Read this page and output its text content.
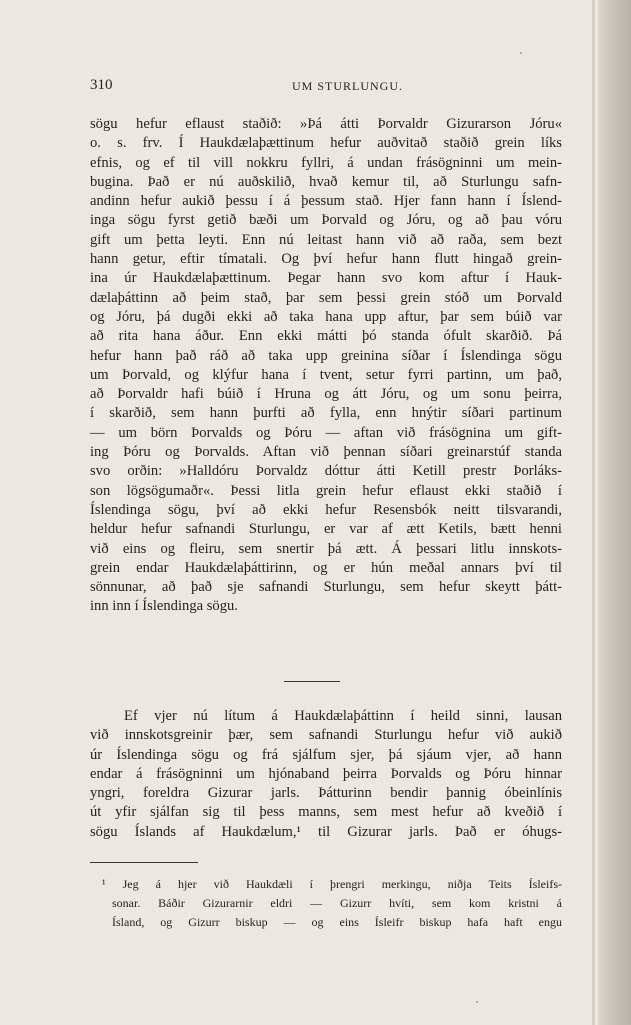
310	UM STURLUNGU.
sögu hefur eflaust staðið: »Þá átti Þorvaldr Gizurarson Jóru«
o. s. frv. Í Haukdælaþættinum hefur auðvitað staðið grein líks
efnis, og ef til vill nokkru fyllri, á undan frásögninni um mein-
bugina. Það er nú auðskilið, hvað kemur til, að Sturlungu safn-
andinn hefur aukið þessu í á þessum stað. Hjer fann hann í Íslend-
inga sögu fyrst getið bæði um Þorvald og Jóru, og að þau vóru
gift um þetta leyti. Enn nú leitast hann við að raða, sem bezt
hann getur, eftir tímatali. Og því hefur hann flutt hingað grein-
ina úr Haukdælaþættinum. Þegar hann svo kom aftur í Hauk-
dælaþáttinn að þeim stað, þar sem þessi grein stóð um Þorvald
og Jóru, þá dugði ekki að taka hana upp aftur, þar sem búið var
að rita hana áður. Enn ekki mátti þó standa ófult skarðið. Þá
hefur hann það ráð að taka upp greinina síðar í Íslendinga sögu
um Þorvald, og klýfur hana í tvent, setur fyrri partinn, um það,
að Þorvaldr hafi búið í Hruna og átt Jóru, og um sonu þeirra,
í skarðið, sem hann þurfti að fylla, enn hnýtir síðari partinum
— um börn Þorvalds og Þóru — aftan við frásögnina um gift-
ing Þóru og Þorvalds. Aftan við þennan síðari greinarstúf standa
svo orðin: »Halldóru Þorvaldz dóttur átti Ketill prestr Þorláks-
son lögsögumaðr«. Þessi litla grein hefur eflaust ekki staðið í
Íslendinga sögu, því að ekki hefur Resensbók neitt tilsvarandi,
heldur hefur safnandi Sturlungu, er var af ætt Ketils, bætt henni
við eins og fleiru, sem snertir þá ætt. Á þessari litlu innskots-
grein endar Haukdælaþáttirinn, og er hún meðal annars því til
sönnunar, að það sje safnandi Sturlungu, sem hefur skeytt þátt-
inn inn í Íslendinga sögu.
Ef vjer nú lítum á Haukdælaþáttinn í heild sinni, lausan
við innskotsgreinir þær, sem safnandi Sturlungu hefur við aukið
úr Íslendinga sögu og frá sjálfum sjer, þá sjáum vjer, að hann
endar á frásögninni um hjónaband þeirra Þorvalds og Þóru hinnar
yngri, foreldra Gizurar jarls. Þátturinn bendir þannig óbeinlínis
út yfir sjálfan sig til þess manns, sem mest hefur að kveðið í
sögu Íslands af Haukdælum,¹ til Gizurar jarls. Það er óhugs-
¹ Jeg á hjer við Haukdæli í þrengri merkingu, niðja Teits Ísleifs-
sonar. Báðir Gizurarnir eldri — Gizurr hvíti, sem kom kristni á
Ísland, og Gizurr biskup — og eins Ísleifr biskup hafa haft engu
